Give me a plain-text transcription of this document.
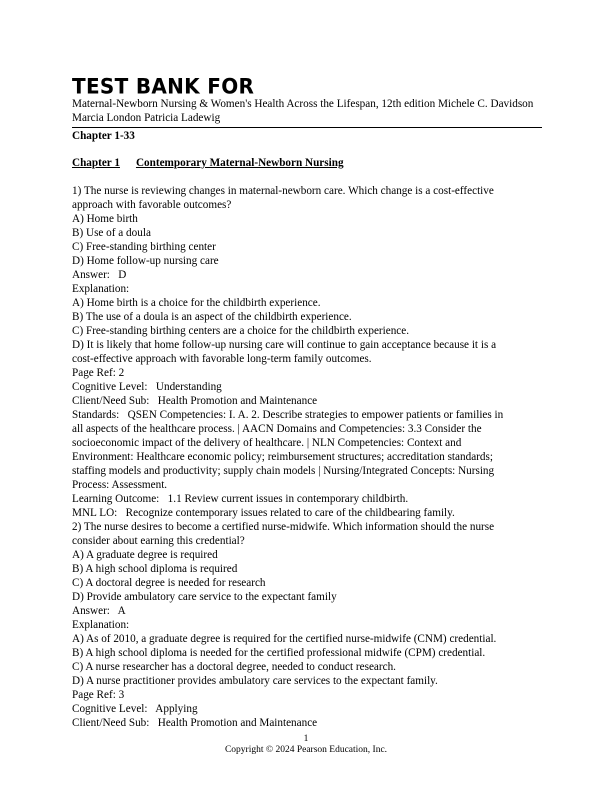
TEST BANK FOR
Maternal-Newborn Nursing & Women's Health Across the Lifespan, 12th edition Michele C. Davidson Marcia London Patricia Ladewig
Chapter 1-33
Chapter 1 Contemporary Maternal-Newborn Nursing
1) The nurse is reviewing changes in maternal-newborn care. Which change is a cost-effective
approach with favorable outcomes?
A) Home birth
B) Use of a doula
C) Free-standing birthing center
D) Home follow-up nursing care
Answer:   D
Explanation:
A) Home birth is a choice for the childbirth experience.
B) The use of a doula is an aspect of the childbirth experience.
C) Free-standing birthing centers are a choice for the childbirth experience.
D) It is likely that home follow-up nursing care will continue to gain acceptance because it is a
cost-effective approach with favorable long-term family outcomes.
Page Ref: 2
Cognitive Level:   Understanding
Client/Need Sub:   Health Promotion and Maintenance
Standards:   QSEN Competencies: I. A. 2. Describe strategies to empower patients or families in
all aspects of the healthcare process. | AACN Domains and Competencies: 3.3 Consider the
socioeconomic impact of the delivery of healthcare. | NLN Competencies: Context and
Environment: Healthcare economic policy; reimbursement structures; accreditation standards;
staffing models and productivity; supply chain models | Nursing/Integrated Concepts: Nursing
Process: Assessment.
Learning Outcome:   1.1 Review current issues in contemporary childbirth.
MNL LO:   Recognize contemporary issues related to care of the childbearing family.
2) The nurse desires to become a certified nurse-midwife. Which information should the nurse
consider about earning this credential?
A) A graduate degree is required
B) A high school diploma is required
C) A doctoral degree is needed for research
D) Provide ambulatory care service to the expectant family
Answer:   A
Explanation:
A) As of 2010, a graduate degree is required for the certified nurse-midwife (CNM) credential.
B) A high school diploma is needed for the certified professional midwife (CPM) credential.
C) A nurse researcher has a doctoral degree, needed to conduct research.
D) A nurse practitioner provides ambulatory care services to the expectant family.
Page Ref: 3
Cognitive Level:   Applying
Client/Need Sub:   Health Promotion and Maintenance
1
Copyright © 2024 Pearson Education, Inc.
